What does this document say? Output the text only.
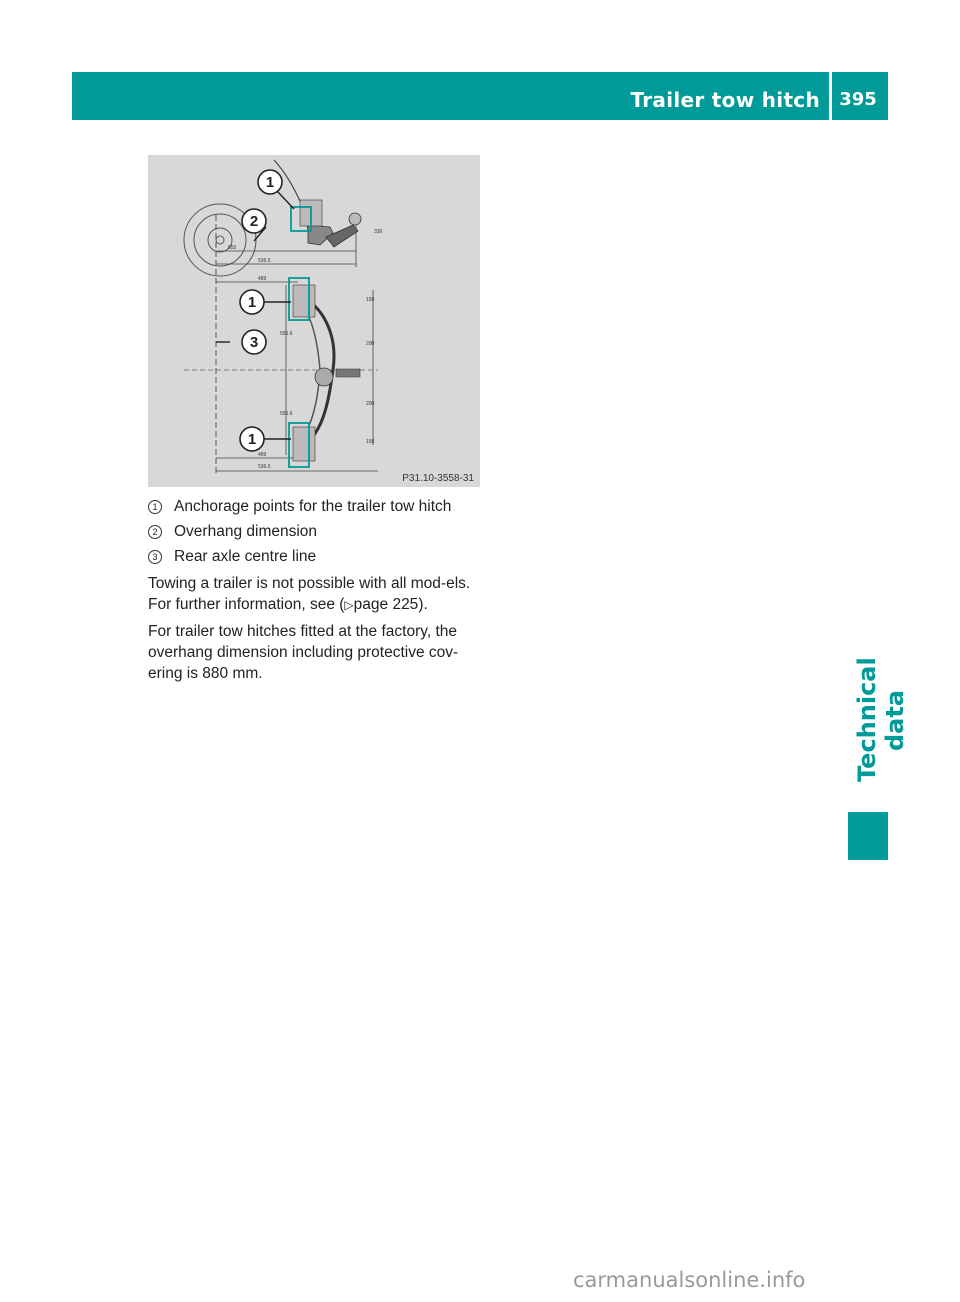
Trailer tow hitch 395
Technical data
1
2
1
3
1
655
536.5
489
489
536.5
330
150
200
200
150
555.6
555.6
P31.10-3558-31
1 Anchorage points for the trailer tow hitch
2 Overhang dimension
3 Rear axle centre line

Towing a trailer is not possible with all mod-els. For further information, see (▷page 225).

For trailer tow hitches fitted at the factory, the overhang dimension including protective cov-ering is 880 mm.

carmanualsonline.info
